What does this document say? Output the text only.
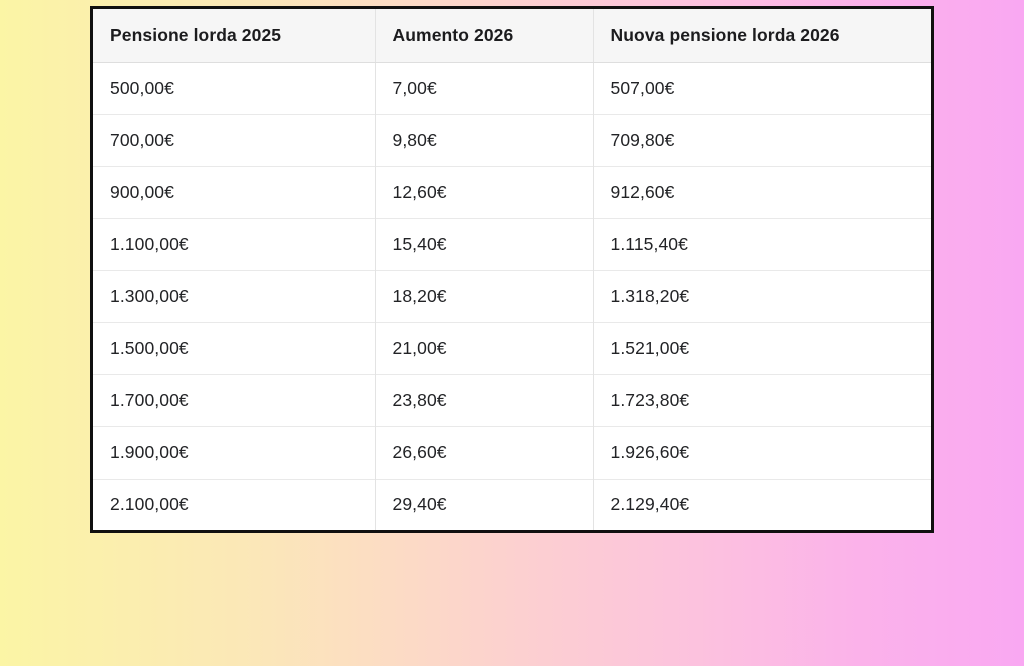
Pensione lorda 2025	Aumento 2026	Nuova pensione lorda 2026
500,00€	7,00€	507,00€
700,00€	9,80€	709,80€
900,00€	12,60€	912,60€
1.100,00€	15,40€	1.115,40€
1.300,00€	18,20€	1.318,20€
1.500,00€	21,00€	1.521,00€
1.700,00€	23,80€	1.723,80€
1.900,00€	26,60€	1.926,60€
2.100,00€	29,40€	2.129,40€
